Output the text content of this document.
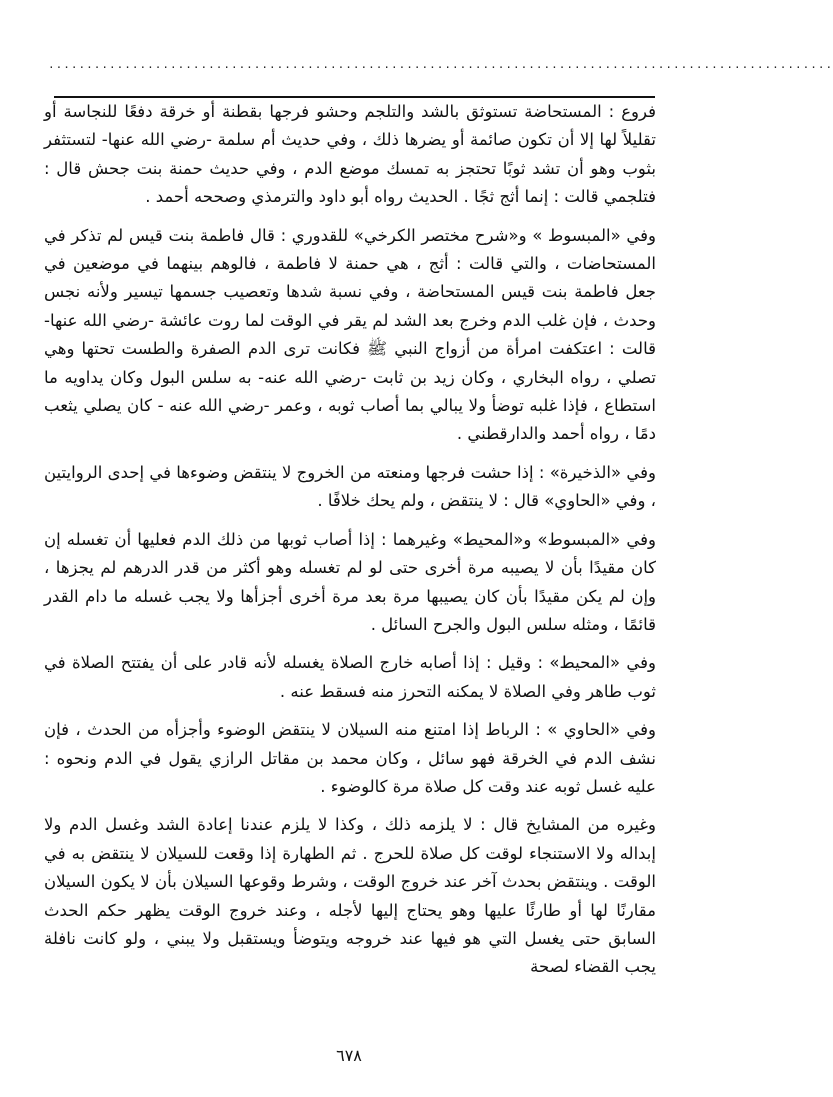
.......................................................................................................

فروع : المستحاضة تستوثق بالشد والتلجم وحشو فرجها بقطنة أو خرقة دفعًا للنجاسة أو تقليلاً لها إلا أن تكون صائمة أو يضرها ذلك ، وفي حديث أم سلمة -رضي الله عنها- لتستثفر بثوب وهو أن تشد ثوبًا تحتجز به تمسك موضع الدم ، وفي حديث حمنة بنت جحش قال : فتلجمي قالت : إنما أثج ثجًا . الحديث رواه أبو داود والترمذي وصححه أحمد .

وفي «المبسوط » و«شرح مختصر الكرخي» للقدوري : قال فاطمة بنت قيس لم تذكر في المستحاضات ، والتي قالت : أثج ، هي حمنة لا فاطمة ، فالوهم بينهما في موضعين في جعل فاطمة بنت قيس المستحاضة ، وفي نسبة شدها وتعصيب جسمها تيسير ولأنه نجس وحدث ، فإن غلب الدم وخرج بعد الشد لم يقر في الوقت لما روت عائشة -رضي الله عنها- قالت : اعتكفت امرأة من أزواج النبي ﷺ فكانت ترى الدم الصفرة والطست تحتها وهي تصلي ، رواه البخاري ، وكان زيد بن ثابت -رضي الله عنه- به سلس البول وكان يداويه ما استطاع ، فإذا غلبه توضأ ولا يبالي بما أصاب ثوبه ، وعمر -رضي الله عنه - كان يصلي يثعب دمًا ، رواه أحمد والدارقطني .

وفي «الذخيرة» : إذا حشت فرجها ومنعته من الخروج لا ينتقض وضوءها في إحدى الروايتين ، وفي «الحاوي» قال : لا ينتقض ، ولم يحك خلافًا .

وفي «المبسوط» و«المحيط» وغيرهما : إذا أصاب ثوبها من ذلك الدم فعليها أن تغسله إن كان مقيدًا بأن لا يصيبه مرة أخرى حتى لو لم تغسله وهو أكثر من قدر الدرهم لم يجزها ، وإن لم يكن مقيدًا بأن كان يصيبها مرة بعد مرة أخرى أجزأها ولا يجب غسله ما دام القدر قائمًا ، ومثله سلس البول والجرح السائل .

وفي «المحيط» : وقيل : إذا أصابه خارج الصلاة يغسله لأنه قادر على أن يفتتح الصلاة في ثوب طاهر وفي الصلاة لا يمكنه التحرز منه فسقط عنه .

وفي «الحاوي » : الرباط إذا امتنع منه السيلان لا ينتقض الوضوء وأجزأه من الحدث ، فإن نشف الدم في الخرقة فهو سائل ، وكان محمد بن مقاتل الرازي يقول في الدم ونحوه : عليه غسل ثوبه عند وقت كل صلاة مرة كالوضوء .

وغيره من المشايخ قال : لا يلزمه ذلك ، وكذا لا يلزم عندنا إعادة الشد وغسل الدم ولا إبداله ولا الاستنجاء لوقت كل صلاة للحرج . ثم الطهارة إذا وقعت للسيلان لا ينتقض به في الوقت . وينتقض بحدث آخر عند خروج الوقت ، وشرط وقوعها السيلان بأن لا يكون السيلان مقارنًا لها أو طارئًا عليها وهو يحتاج إليها لأجله ، وعند خروج الوقت يظهر حكم الحدث السابق حتى يغسل التي هو فيها عند خروجه ويتوضأ ويستقبل ولا يبني ، ولو كانت نافلة يجب القضاء لصحة

٦٧٨
